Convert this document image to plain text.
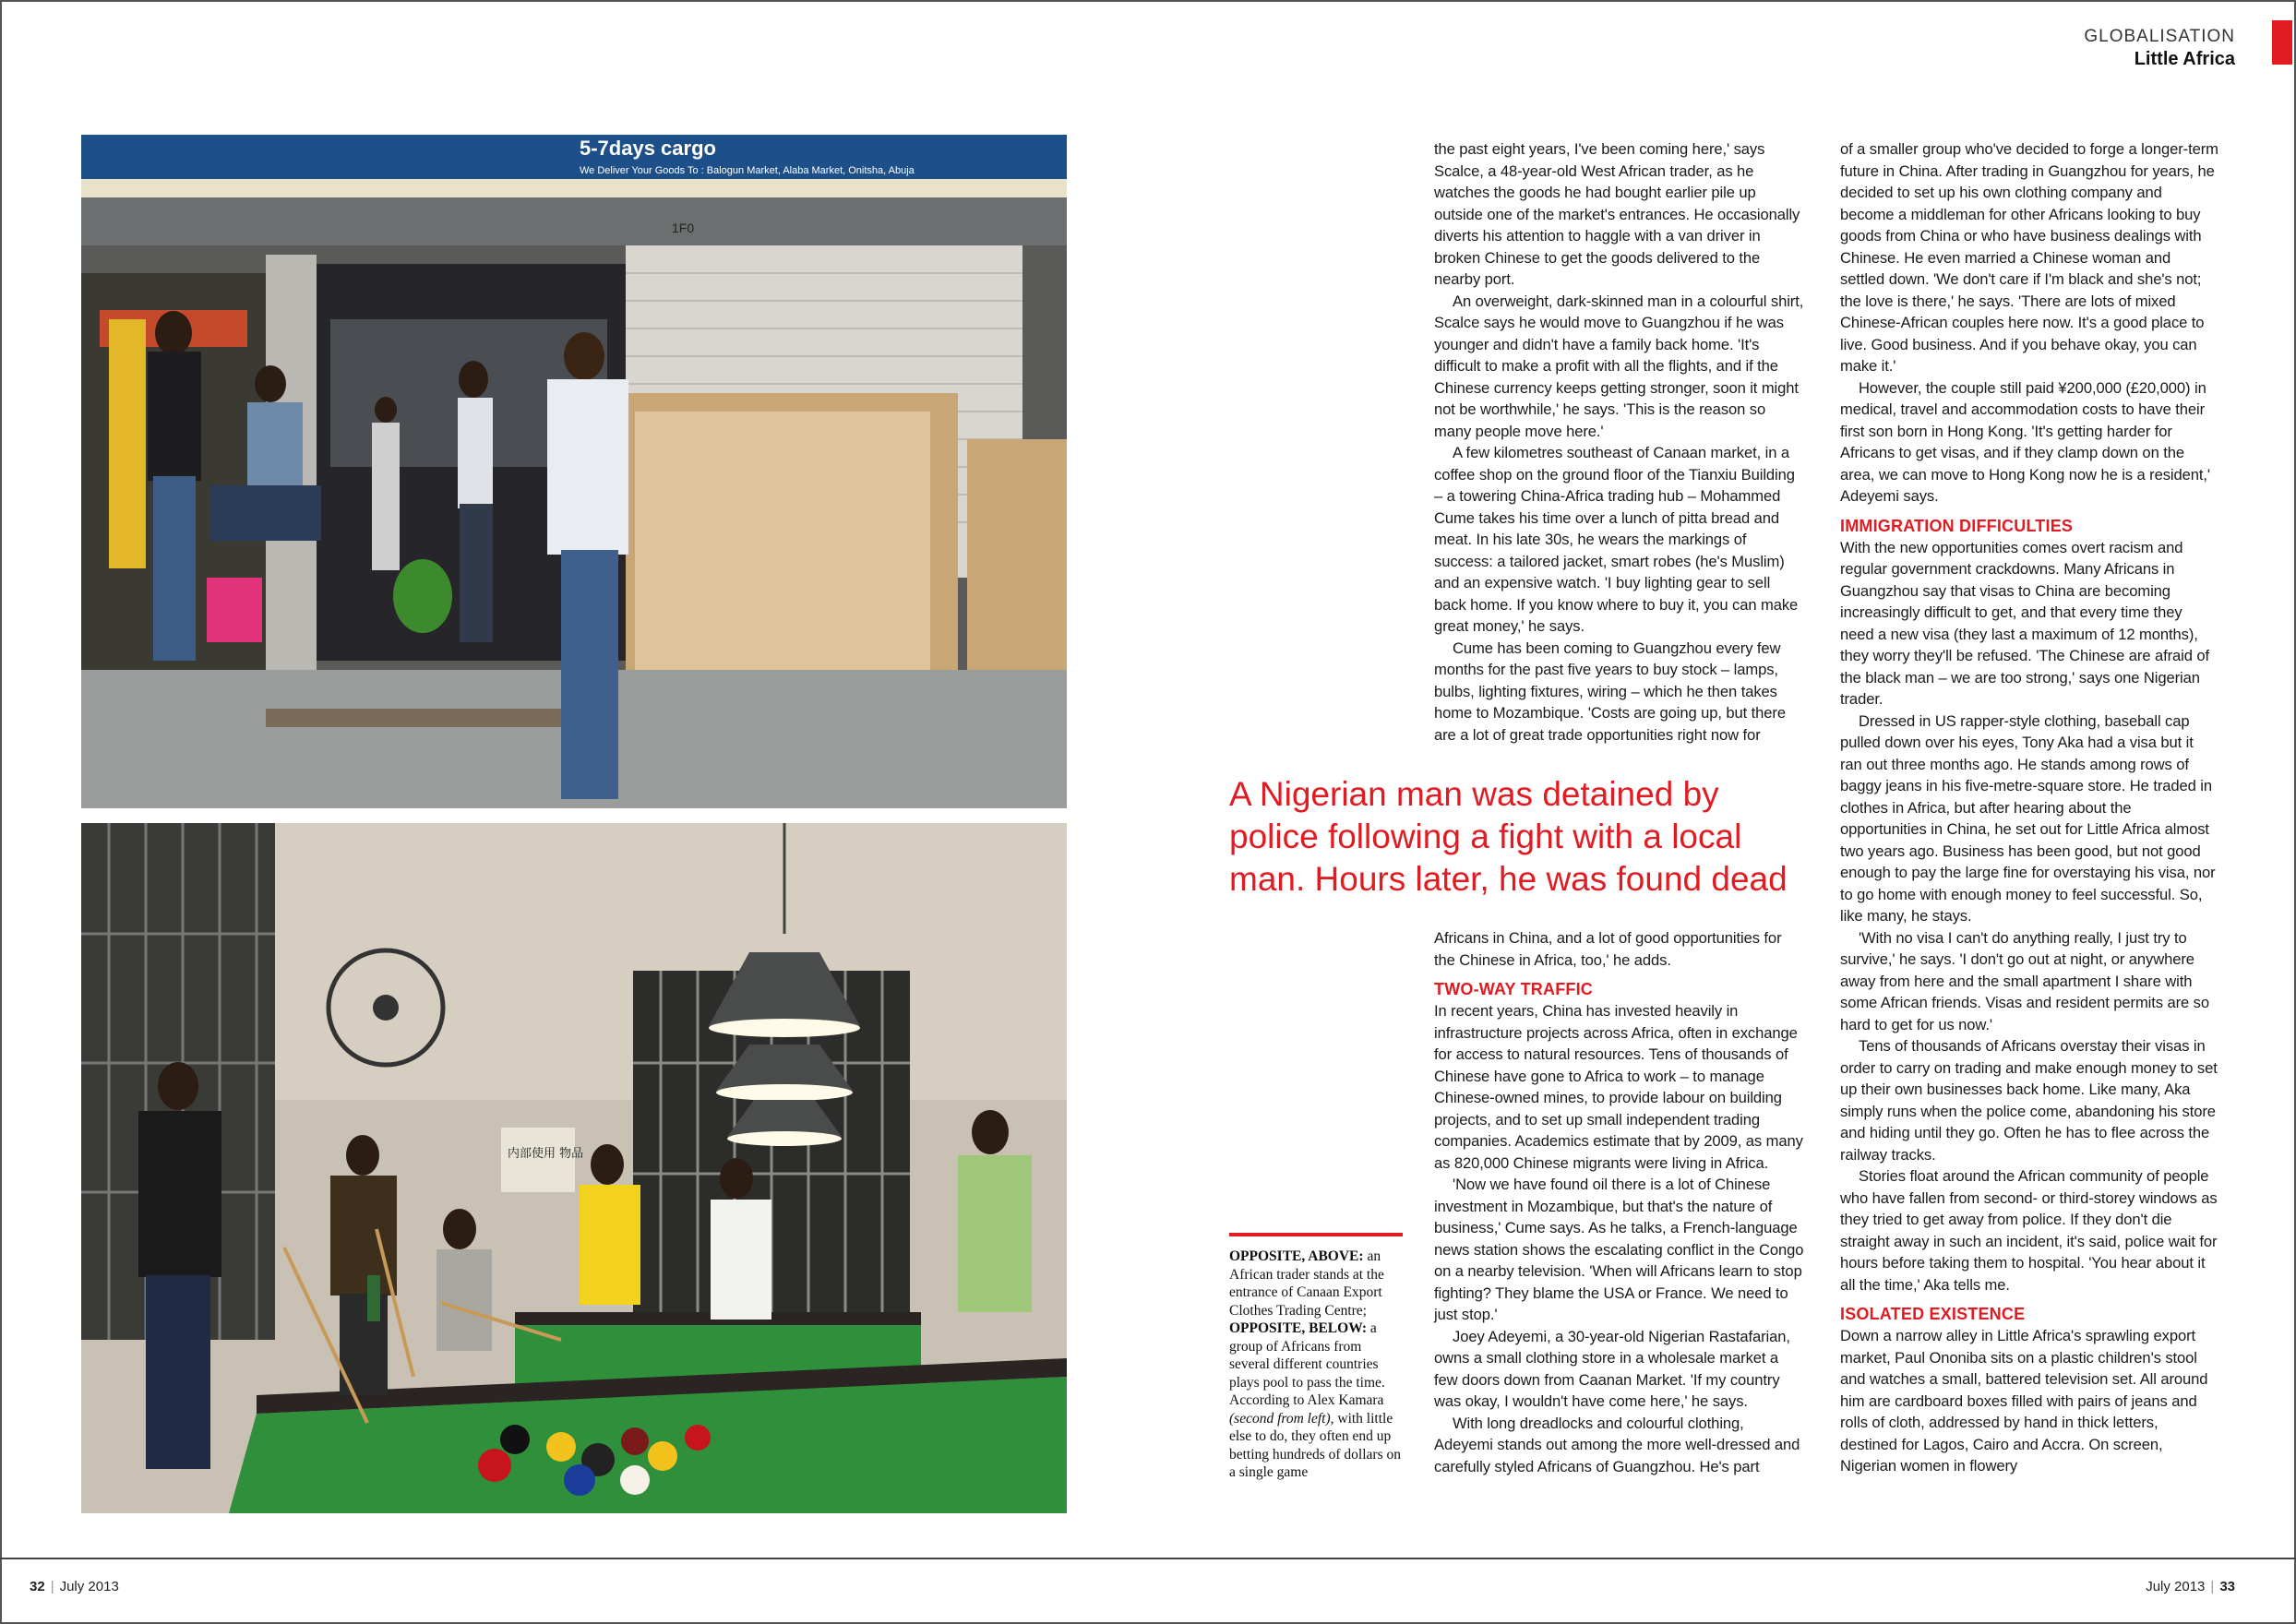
GLOBALISATION
Little Africa
5-7days cargo
We Deliver Your Goods To : Balogun Market, Alaba Market, Onitsha, Abuja
1F0
内部使用 物品
OPPOSITE, ABOVE: an African trader stands at the entrance of Canaan Export Clothes Trading Centre; OPPOSITE, BELOW: a group of Africans from several different countries plays pool to pass the time. According to Alex Kamara (second from left), with little else to do, they often end up betting hundreds of dollars on a single game
A Nigerian man was detained by police following a fight with a local man. Hours later, he was found dead

the past eight years, I've been coming here,' says Scalce, a 48-year-old West African trader, as he watches the goods he had bought earlier pile up outside one of the market's entrances. He occasionally diverts his attention to haggle with a van driver in broken Chinese to get the goods delivered to the nearby port.

An overweight, dark-skinned man in a colourful shirt, Scalce says he would move to Guangzhou if he was younger and didn't have a family back home. 'It's difficult to make a profit with all the flights, and if the Chinese currency keeps getting stronger, soon it might not be worthwhile,' he says. 'This is the reason so many people move here.'

A few kilometres southeast of Canaan market, in a coffee shop on the ground floor of the Tianxiu Building – a towering China-Africa trading hub – Mohammed Cume takes his time over a lunch of pitta bread and meat. In his late 30s, he wears the markings of success: a tailored jacket, smart robes (he's Muslim) and an expensive watch. 'I buy lighting gear to sell back home. If you know where to buy it, you can make great money,' he says.

Cume has been coming to Guangzhou every few months for the past five years to buy stock – lamps, bulbs, lighting fixtures, wiring – which he then takes home to Mozambique. 'Costs are going up, but there are a lot of great trade opportunities right now for

Africans in China, and a lot of good opportunities for the Chinese in Africa, too,' he adds.

TWO-WAY TRAFFIC

In recent years, China has invested heavily in infrastructure projects across Africa, often in exchange for access to natural resources. Tens of thousands of Chinese have gone to Africa to work – to manage Chinese-owned mines, to provide labour on building projects, and to set up small independent trading companies. Academics estimate that by 2009, as many as 820,000 Chinese migrants were living in Africa.

'Now we have found oil there is a lot of Chinese investment in Mozambique, but that's the nature of business,' Cume says. As he talks, a French-language news station shows the escalating conflict in the Congo on a nearby television. 'When will Africans learn to stop fighting? They blame the USA or France. We need to just stop.'

Joey Adeyemi, a 30-year-old Nigerian Rastafarian, owns a small clothing store in a wholesale market a few doors down from Caanan Market. 'If my country was okay, I wouldn't have come here,' he says.

With long dreadlocks and colourful clothing, Adeyemi stands out among the more well-dressed and carefully styled Africans of Guangzhou. He's part

of a smaller group who've decided to forge a longer-term future in China. After trading in Guangzhou for years, he decided to set up his own clothing company and become a middleman for other Africans looking to buy goods from China or who have business dealings with Chinese. He even married a Chinese woman and settled down. 'We don't care if I'm black and she's not; the love is there,' he says. 'There are lots of mixed Chinese-African couples here now. It's a good place to live. Good business. And if you behave okay, you can make it.'

However, the couple still paid ¥200,000 (£20,000) in medical, travel and accommodation costs to have their first son born in Hong Kong. 'It's getting harder for Africans to get visas, and if they clamp down on the area, we can move to Hong Kong now he is a resident,' Adeyemi says.

IMMIGRATION DIFFICULTIES

With the new opportunities comes overt racism and regular government crackdowns. Many Africans in Guangzhou say that visas to China are becoming increasingly difficult to get, and that every time they need a new visa (they last a maximum of 12 months), they worry they'll be refused. 'The Chinese are afraid of the black man – we are too strong,' says one Nigerian trader.

Dressed in US rapper-style clothing, baseball cap pulled down over his eyes, Tony Aka had a visa but it ran out three months ago. He stands among rows of baggy jeans in his five-metre-square store. He traded in clothes in Africa, but after hearing about the opportunities in China, he set out for Little Africa almost two years ago. Business has been good, but not good enough to pay the large fine for overstaying his visa, nor to go home with enough money to feel successful. So, like many, he stays.

'With no visa I can't do anything really, I just try to survive,' he says. 'I don't go out at night, or anywhere away from here and the small apartment I share with some African friends. Visas and resident permits are so hard to get for us now.'

Tens of thousands of Africans overstay their visas in order to carry on trading and make enough money to set up their own businesses back home. Like many, Aka simply runs when the police come, abandoning his store and hiding until they go. Often he has to flee across the railway tracks.

Stories float around the African community of people who have fallen from second- or third-storey windows as they tried to get away from police. If they don't die straight away in such an incident, it's said, police wait for hours before taking them to hospital. 'You hear about it all the time,' Aka tells me.

ISOLATED EXISTENCE

Down a narrow alley in Little Africa's sprawling export market, Paul Ononiba sits on a plastic children's stool and watches a small, battered television set. All around him are cardboard boxes filled with pairs of jeans and rolls of cloth, addressed by hand in thick letters, destined for Lagos, Cairo and Accra. On screen, Nigerian women in flowery

32 | July 2013	July 2013 | 33
